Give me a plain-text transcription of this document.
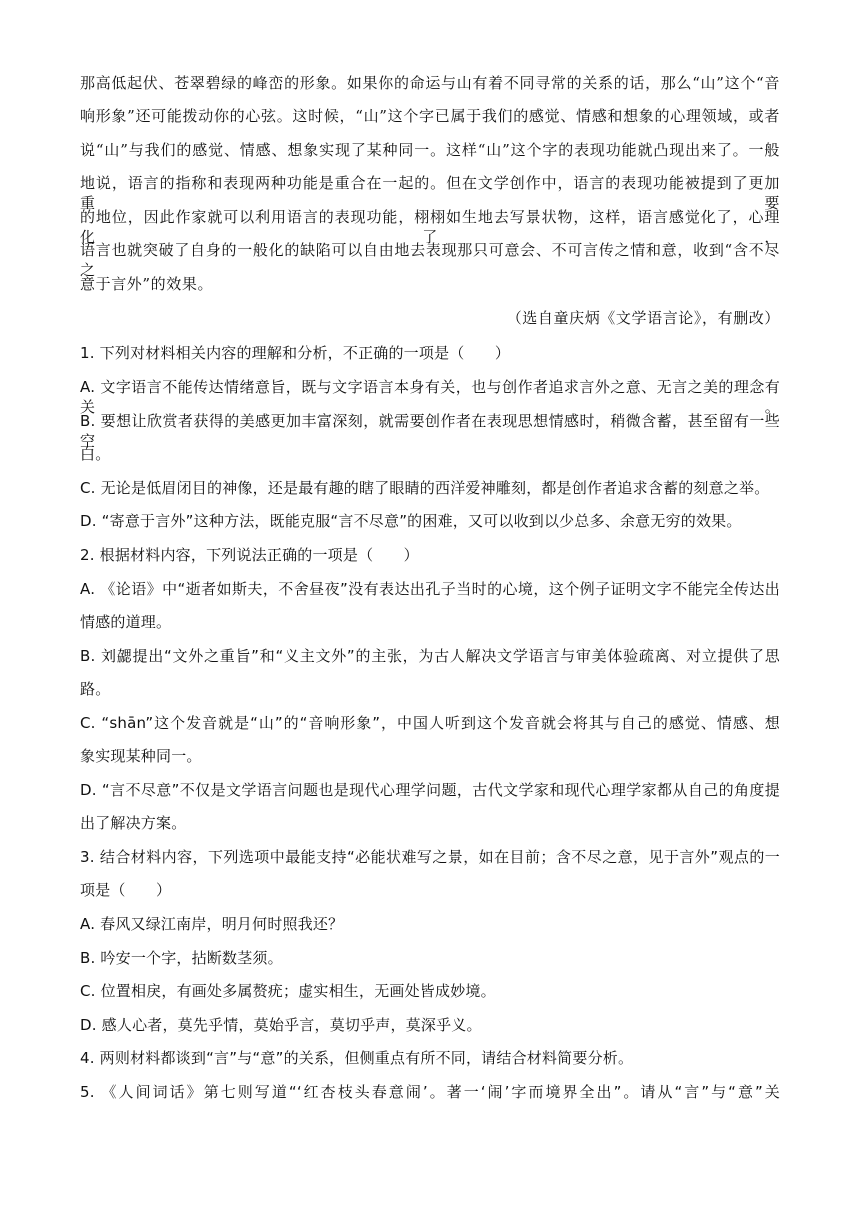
那高低起伏、苍翠碧绿的峰峦的形象。如果你的命运与山有着不同寻常的关系的话，那么“山”这个“音
响形象”还可能拨动你的心弦。这时候，“山”这个字已属于我们的感觉、情感和想象的心理领域，或者
说“山”与我们的感觉、情感、想象实现了某种同一。这样“山”这个字的表现功能就凸现出来了。一般
地说，语言的指称和表现两种功能是重合在一起的。但在文学创作中，语言的表现功能被提到了更加重要
的地位，因此作家就可以利用语言的表现功能，栩栩如生地去写景状物，这样，语言感觉化了，心理化了，
语言也就突破了自身的一般化的缺陷可以自由地去表现那只可意会、不可言传之情和意，收到“含不尽之
意于言外”的效果。
（选自童庆炳《文学语言论》，有删改）
1. 下列对材料相关内容的理解和分析，不正确的一项是（　　）
A. 文字语言不能传达情绪意旨，既与文字语言本身有关，也与创作者追求言外之意、无言之美的理念有关。
B. 要想让欣赏者获得的美感更加丰富深刻，就需要创作者在表现思想情感时，稍微含蓄，甚至留有一些空
白。
C. 无论是低眉闭目的神像，还是最有趣的瞎了眼睛的西洋爱神雕刻，都是创作者追求含蓄的刻意之举。
D. “寄意于言外”这种方法，既能克服“言不尽意”的困难，又可以收到以少总多、余意无穷的效果。
2. 根据材料内容，下列说法正确的一项是（　　）
A. 《论语》中“逝者如斯夫，不舍昼夜”没有表达出孔子当时的心境，这个例子证明文字不能完全传达出
情感的道理。
B. 刘勰提出“文外之重旨”和“义主文外”的主张，为古人解决文学语言与审美体验疏离、对立提供了思
路。
C. “shān”这个发音就是“山”的“音响形象”，中国人听到这个发音就会将其与自己的感觉、情感、想
象实现某种同一。
D. “言不尽意”不仅是文学语言问题也是现代心理学问题，古代文学家和现代心理学家都从自己的角度提
出了解决方案。
3. 结合材料内容，下列选项中最能支持“必能状难写之景，如在目前；含不尽之意，见于言外”观点的一
项是（　　）
A. 春风又绿江南岸，明月何时照我还？
B. 吟安一个字，拈断数茎须。
C. 位置相戾，有画处多属赘疣；虚实相生，无画处皆成妙境。
D. 感人心者，莫先乎情，莫始乎言，莫切乎声，莫深乎义。
4. 两则材料都谈到“言”与“意”的关系，但侧重点有所不同，请结合材料简要分析。
5. 《人间词话》第七则写道“‘红杏枝头春意闹’。著一‘闹’字而境界全出”。请从“言”与“意”关
